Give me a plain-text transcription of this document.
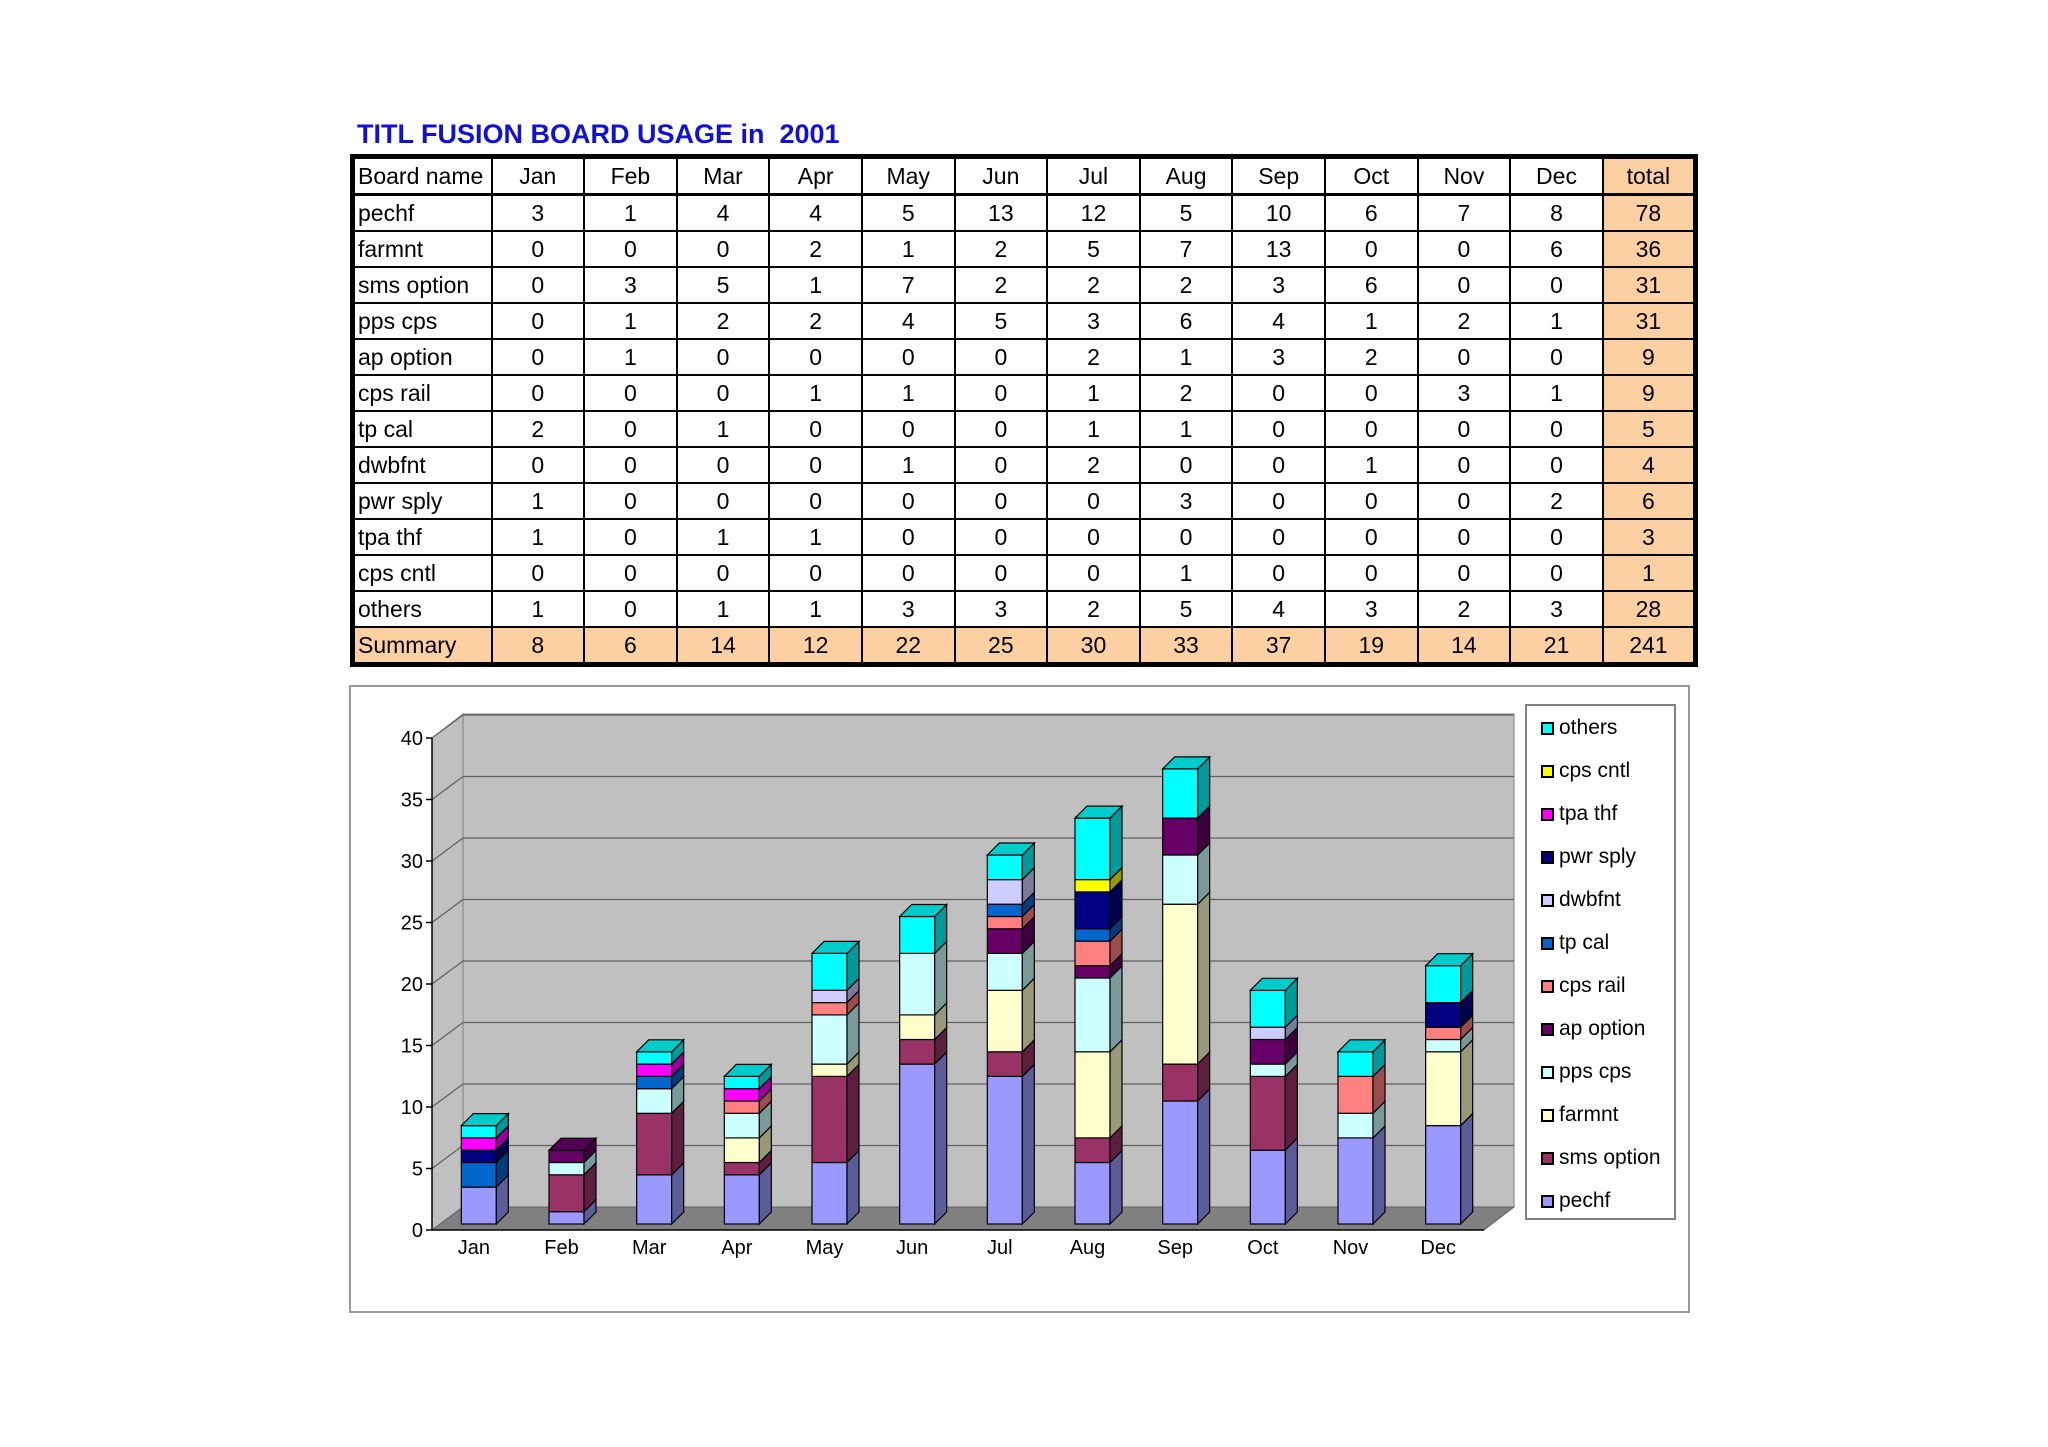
TITL FUSION BOARD USAGE in  2001
Board name	Jan	Feb	Mar	Apr	May	Jun	Jul	Aug	Sep	Oct	Nov	Dec	total
pechf	3	1	4	4	5	13	12	5	10	6	7	8	78
farmnt	0	0	0	2	1	2	5	7	13	0	0	6	36
sms option	0	3	5	1	7	2	2	2	3	6	0	0	31
pps cps	0	1	2	2	4	5	3	6	4	1	2	1	31
ap option	0	1	0	0	0	0	2	1	3	2	0	0	9
cps rail	0	0	0	1	1	0	1	2	0	0	3	1	9
tp cal	2	0	1	0	0	0	1	1	0	0	0	0	5
dwbfnt	0	0	0	0	1	0	2	0	0	1	0	0	4
pwr sply	1	0	0	0	0	0	0	3	0	0	0	2	6
tpa thf	1	0	1	1	0	0	0	0	0	0	0	0	3
cps cntl	0	0	0	0	0	0	0	1	0	0	0	0	1
others	1	0	1	1	3	3	2	5	4	3	2	3	28
Summary	8	6	14	12	22	25	30	33	37	19	14	21	241
0
5
10
15
20
25
30
35
40
Jan	Feb	Mar	Apr	May	Jun	Jul	Aug	Sep	Oct	Nov	Dec
others
cps cntl
tpa thf
pwr sply
dwbfnt
tp cal
cps rail
ap option
pps cps
farmnt
sms option
pechf
